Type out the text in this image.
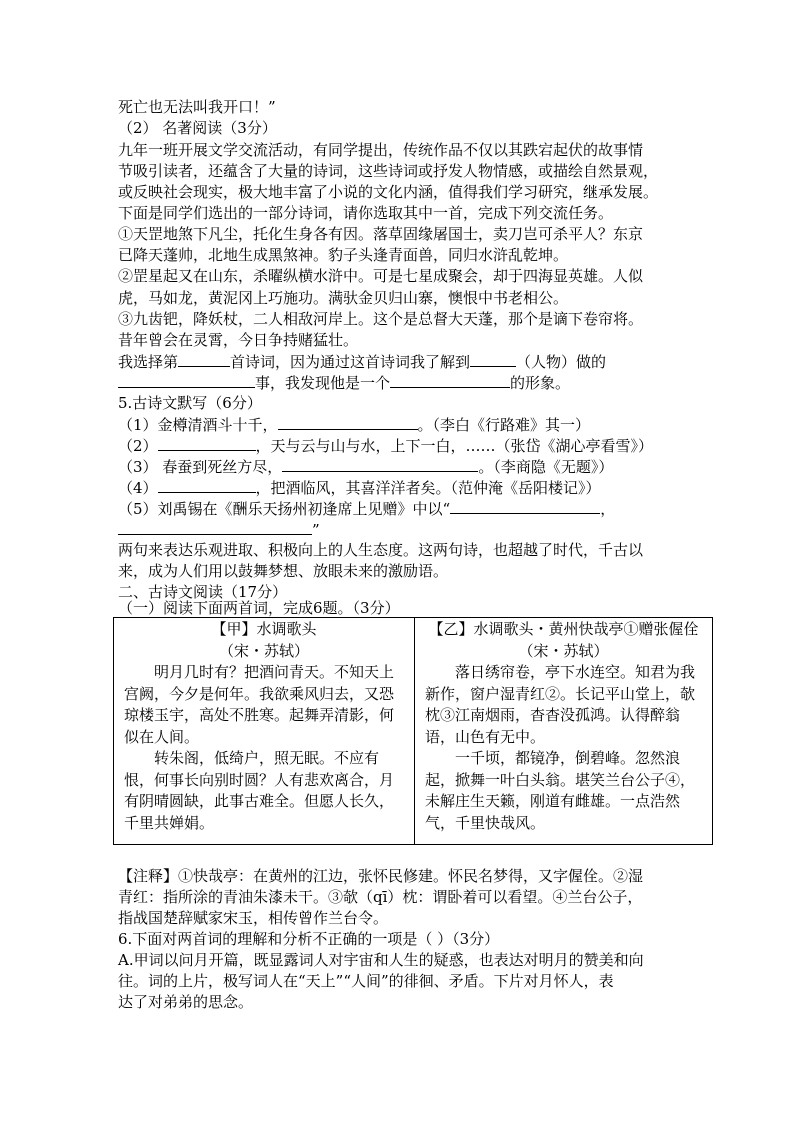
死亡也无法叫我开口！”
（2） 名著阅读（3分）
九年一班开展文学交流活动，有同学提出，传统作品不仅以其跌宕起伏的故事情
节吸引读者，还蕴含了大量的诗词，这些诗词或抒发人物情感，或描绘自然景观，
或反映社会现实，极大地丰富了小说的文化内涵，值得我们学习研究，继承发展。
下面是同学们选出的一部分诗词，请你选取其中一首，完成下列交流任务。
①天罡地煞下凡尘，托化生身各有因。落草固缘屠国士，卖刀岂可杀平人？东京
已降天蓬帅，北地生成黑煞神。豹子头逢青面兽，同归水浒乱乾坤。
②罡星起又在山东，杀曜纵横水浒中。可是七星成聚会，却于四海显英雄。人似
虎，马如龙，黄泥冈上巧施功。满驮金贝归山寨，懊恨中书老相公。
③九齿钯，降妖杖，二人相敌河岸上。这个是总督大天蓬，那个是谪下卷帘将。
昔年曾会在灵霄，今日争持赌猛壮。
我选择第	首诗词，因为通过这首诗词我了解到	（人物）做的
事，我发现他是一个	的形象。
5.古诗文默写（6分）
（1）金樽清酒斗十千，	。（李白《行路难》其一）
（2）	，天与云与山与水，上下一白，……（张岱《湖心亭看雪》）
（3） 春蚕到死丝方尽，	。（李商隐《无题》）
（4）	，把酒临风，其喜洋洋者矣。（范仲淹《岳阳楼记》）
（5）刘禹锡在《酬乐天扬州初逢席上见赠》中以“	，
”
两句来表达乐观进取、积极向上的人生态度。这两句诗，也超越了时代，千古以
来，成为人们用以鼓舞梦想、放眼未来的激励语。
二、古诗文阅读（17分）
（一）阅读下面两首词，完成6题。（3分）
【甲】水调歌头
（宋・苏轼）
明月几时有？把酒问青天。不知天上宫阙，今夕是何年。我欲乘风归去，又恐琼楼玉宇，高处不胜寒。起舞弄清影，何似在人间。
转朱阁，低绮户，照无眠。不应有恨，何事长向别时圆？人有悲欢离合，月有阴晴圆缺，此事古难全。但愿人长久，千里共婵娟。

【乙】水调歌头・黄州快哉亭①赠张偓佺
（宋・苏轼）
落日绣帘卷，亭下水连空。知君为我新作，窗户湿青红②。长记平山堂上，欹枕③江南烟雨，杳杳没孤鸿。认得醉翁语，山色有无中。
一千顷，都镜净，倒碧峰。忽然浪起，掀舞一叶白头翁。堪笑兰台公子④，未解庄生天籁，刚道有雌雄。一点浩然气，千里快哉风。
【注释】①快哉亭：在黄州的江边，张怀民修建。怀民名梦得，又字偓佺。②湿
青红：指所涂的青油朱漆未干。③欹（qī）枕：谓卧着可以看望。④兰台公子，
指战国楚辞赋家宋玉，相传曾作兰台令。
6.下面对两首词的理解和分析不正确的一项是（ ）（3分）
A.甲词以问月开篇，既显露词人对宇宙和人生的疑惑，也表达对明月的赞美和向
往。词的上片，极写词人在“天上”“人间”的徘徊、矛盾。下片对月怀人，表
达了对弟弟的思念。
